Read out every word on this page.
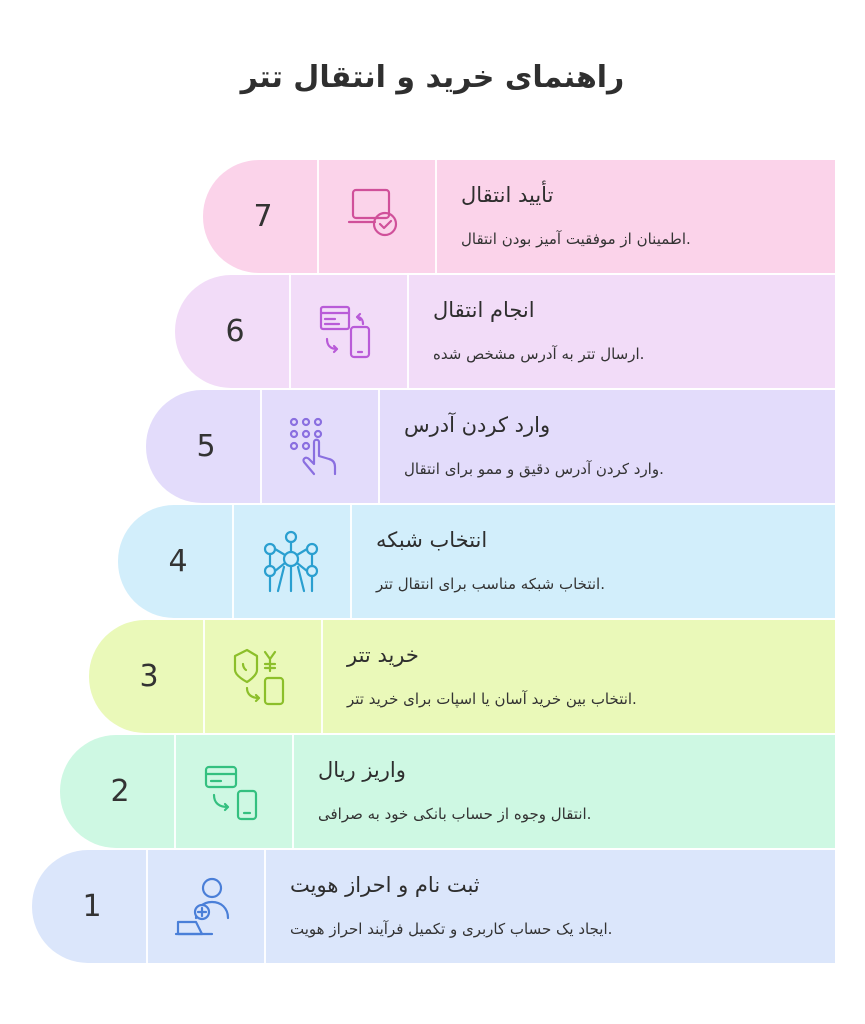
راهنمای خرید و انتقال تتر
7
تأیید انتقال
.اطمینان از موفقیت آمیز بودن انتقال
6
انجام انتقال
.ارسال تتر به آدرس مشخص شده
5
وارد کردن آدرس
.وارد کردن آدرس دقیق و ممو برای انتقال
4
انتخاب شبکه
.انتخاب شبکه مناسب برای انتقال تتر
3
خرید تتر
.انتخاب بین خرید آسان یا اسپات برای خرید تتر
2
واریز ریال
.انتقال وجوه از حساب بانکی خود به صرافی
1
ثبت نام و احراز هویت
.ایجاد یک حساب کاربری و تکمیل فرآیند احراز هویت
